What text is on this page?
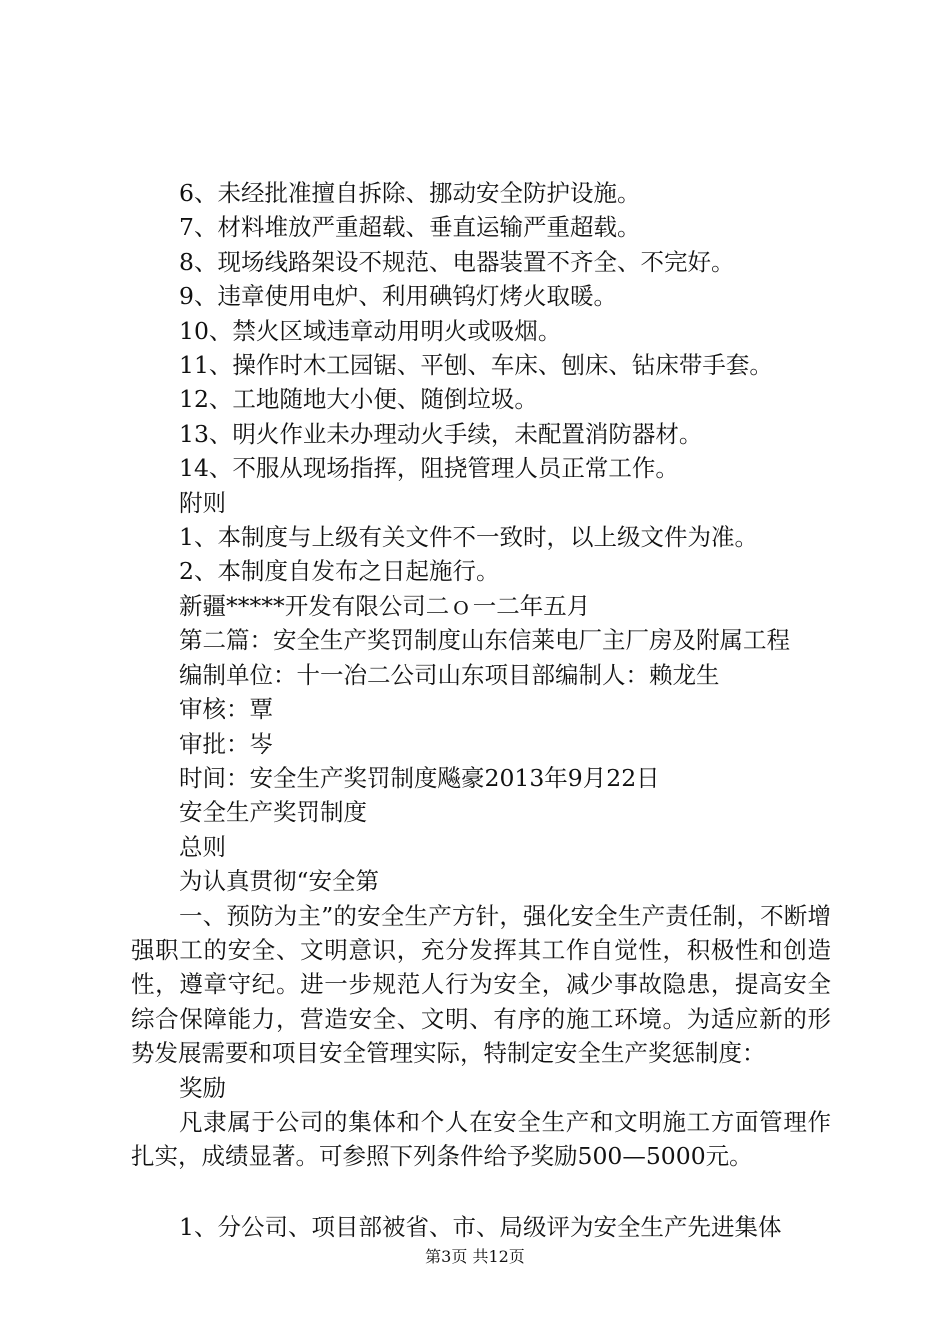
6、未经批准擅自拆除、挪动安全防护设施。

7、材料堆放严重超载、垂直运输严重超载。

8、现场线路架设不规范、电器装置不齐全、不完好。

9、违章使用电炉、利用碘钨灯烤火取暖。

10、禁火区域违章动用明火或吸烟。

11、操作时木工园锯、平刨、车床、刨床、钻床带手套。

12、工地随地大小便、随倒垃圾。

13、明火作业未办理动火手续，未配置消防器材。

14、不服从现场指挥，阻挠管理人员正常工作。

附则

1、本制度与上级有关文件不一致时，以上级文件为准。

2、本制度自发布之日起施行。

新疆*****开发有限公司二ｏ一二年五月

第二篇：安全生产奖罚制度山东信莱电厂主厂房及附属工程

编制单位：十一冶二公司山东项目部编制人：赖龙生

审核：覃

审批：岑

时间：安全生产奖罚制度飚豪2013年9月22日

安全生产奖罚制度

总则

为认真贯彻“安全第

一、预防为主”的安全生产方针，强化安全生产责任制，不断增强职工的安全、文明意识，充分发挥其工作自觉性，积极性和创造性，遵章守纪。进一步规范人行为安全，减少事故隐患，提高安全综合保障能力，营造安全、文明、有序的施工环境。为适应新的形势发展需要和项目安全管理实际，特制定安全生产奖惩制度：

奖励

凡隶属于公司的集体和个人在安全生产和文明施工方面管理作扎实，成绩显著。可参照下列条件给予奖励500—5000元。

1、分公司、项目部被省、市、局级评为安全生产先进集体

第3页 共12页
